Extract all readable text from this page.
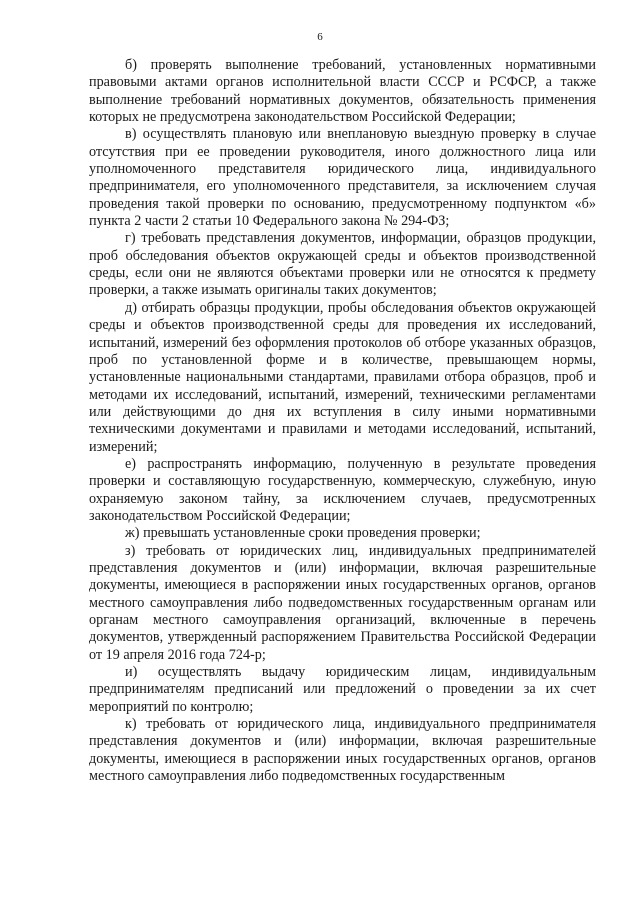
6

б) проверять выполнение требований, установленных нормативными правовыми актами органов исполнительной власти СССР и РСФСР, а также выполнение требований нормативных документов, обязательность применения которых не предусмотрена законодательством Российской Федерации;

в) осуществлять плановую или внеплановую выездную проверку в случае отсутствия при ее проведении руководителя, иного должностного лица или уполномоченного представителя юридического лица, индивидуального предпринимателя, его уполномоченного представителя, за исключением случая проведения такой проверки по основанию, предусмотренному подпунктом «б» пункта 2 части 2 статьи 10 Федерального закона № 294-ФЗ;

г) требовать представления документов, информации, образцов продукции, проб обследования объектов окружающей среды и объектов производственной среды, если они не являются объектами проверки или не относятся к предмету проверки, а также изымать оригиналы таких документов;

д) отбирать образцы продукции, пробы обследования объектов окружающей среды и объектов производственной среды для проведения их исследований, испытаний, измерений без оформления протоколов об отборе указанных образцов, проб по установленной форме и в количестве, превышающем нормы, установленные национальными стандартами, правилами отбора образцов, проб и методами их исследований, испытаний, измерений, техническими регламентами или действующими до дня их вступления в силу иными нормативными техническими документами и правилами и методами исследований, испытаний, измерений;

е) распространять информацию, полученную в результате проведения проверки и составляющую государственную, коммерческую, служебную, иную охраняемую законом тайну, за исключением случаев, предусмотренных законодательством Российской Федерации;

ж) превышать установленные сроки проведения проверки;

з) требовать от юридических лиц, индивидуальных предпринимателей представления документов и (или) информации, включая разрешительные документы, имеющиеся в распоряжении иных государственных органов, органов местного самоуправления либо подведомственных государственным органам или органам местного самоуправления организаций, включенные в перечень документов, утвержденный распоряжением Правительства Российской Федерации от 19 апреля 2016 года 724-р;

и) осуществлять выдачу юридическим лицам, индивидуальным предпринимателям предписаний или предложений о проведении за их счет мероприятий по контролю;

к) требовать от юридического лица, индивидуального предпринимателя представления документов и (или) информации, включая разрешительные документы, имеющиеся в распоряжении иных государственных органов, органов местного самоуправления либо подведомственных государственным
